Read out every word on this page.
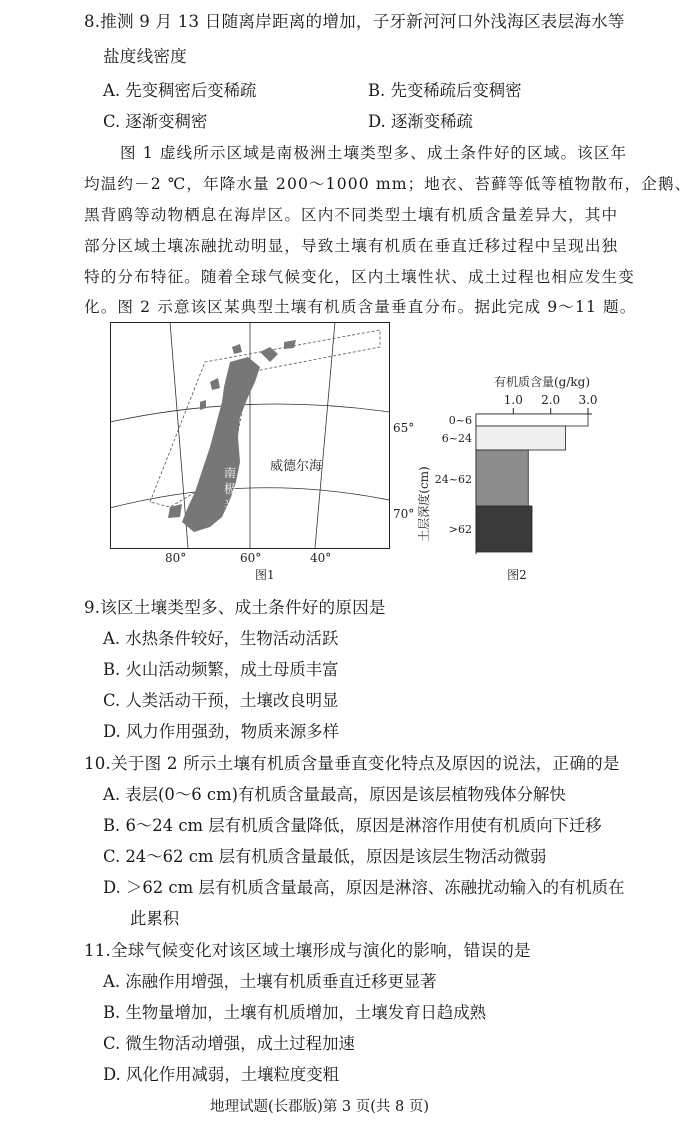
8.推测 9 月 13 日随离岸距离的增加，子牙新河河口外浅海区表层海水等
盐度线密度
A. 先变稠密后变稀疏	B. 先变稀疏后变稠密
C. 逐渐变稠密	D. 逐渐变稀疏
图 1 虚线所示区域是南极洲土壤类型多、成土条件好的区域。该区年
均温约－2 ℃，年降水量 200～1000 mm；地衣、苔藓等低等植物散布，企鹅、
黑背鸥等动物栖息在海岸区。区内不同类型土壤有机质含量差异大，其中
部分区域土壤冻融扰动明显，导致土壤有机质在垂直迁移过程中呈现出独
特的分布特征。随着全球气候变化，区内土壤性状、成土过程也相应发生变
化。图 2 示意该区某典型土壤有机质含量垂直分布。据此完成 9～11 题。
65°
70°
威德尔海
南
极
半
岛
80°	60°	40°
图1
有机质含量(g/kg)
1.0 2.0 3.0
0~6
6~24
24~62
>62
土层深度(cm)
图2
9.该区土壤类型多、成土条件好的原因是
A. 水热条件较好，生物活动活跃
B. 火山活动频繁，成土母质丰富
C. 人类活动干预，土壤改良明显
D. 风力作用强劲，物质来源多样
10.关于图 2 所示土壤有机质含量垂直变化特点及原因的说法，正确的是
A. 表层(0～6 cm)有机质含量最高，原因是该层植物残体分解快
B. 6～24 cm 层有机质含量降低，原因是淋溶作用使有机质向下迁移
C. 24～62 cm 层有机质含量最低，原因是该层生物活动微弱
D. ＞62 cm 层有机质含量最高，原因是淋溶、冻融扰动输入的有机质在
此累积
11.全球气候变化对该区域土壤形成与演化的影响，错误的是
A. 冻融作用增强，土壤有机质垂直迁移更显著
B. 生物量增加，土壤有机质增加，土壤发育日趋成熟
C. 微生物活动增强，成土过程加速
D. 风化作用减弱，土壤粒度变粗
地理试题(长郡版)第 3 页(共 8 页)
